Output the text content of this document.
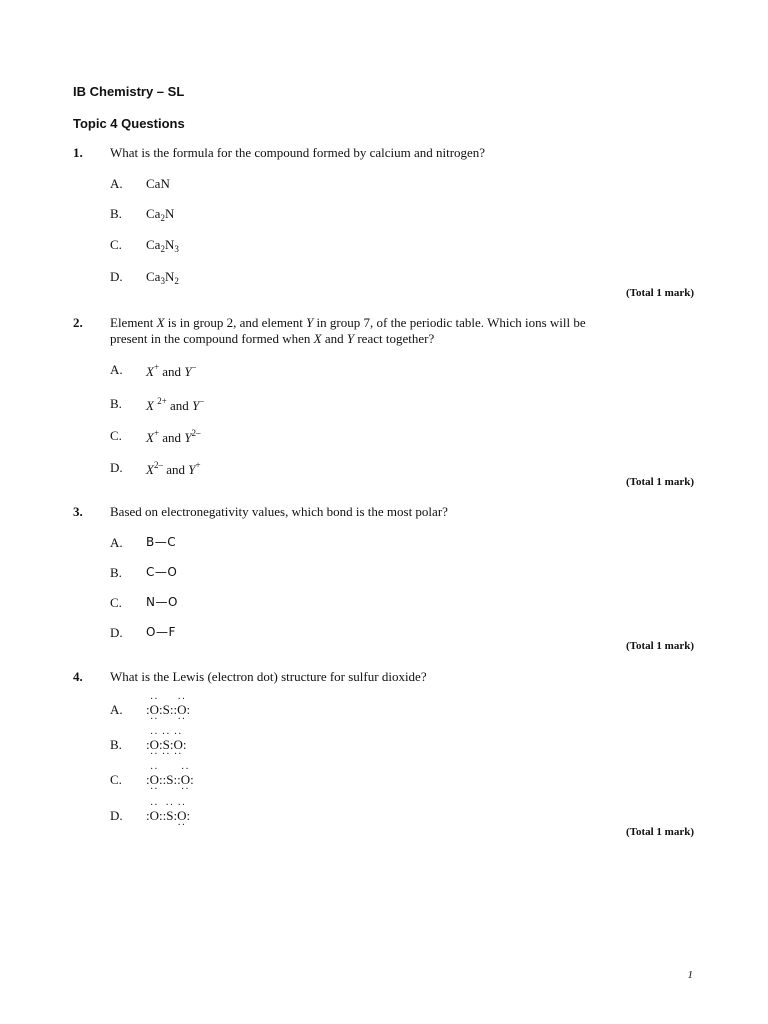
IB Chemistry – SL
Topic 4 Questions
1. What is the formula for the compound formed by calcium and nitrogen?
A. CaN
B. $Ca_2N$
C. $Ca_2N_3$
D. $Ca_3N_2$
(Total 1 mark)
2. Element X is in group 2, and element Y in group 7, of the periodic table. Which ions will be
present in the compound formed when X and Y react together?
A. X+ and Y–
B. X $^{2+}$ and Y–
C. X+ and $Y^{2-}$
D. $X^{2-}$ and Y+
(Total 1 mark)
3. Based on electronegativity values, which bond is the most polar?
A. B—C
B. C—O
C. N—O
D. O—F
(Total 1 mark)
4. What is the Lewis (electron dot) structure for sulfur dioxide?
A. :·· O ··:S::·· O ··:
B. :·· O ··:·· S ··:·· O ··:
C. :·· O ··::S::·· O ··:
D. :·· O::·· S:·· O ··:
(Total 1 mark)
1
